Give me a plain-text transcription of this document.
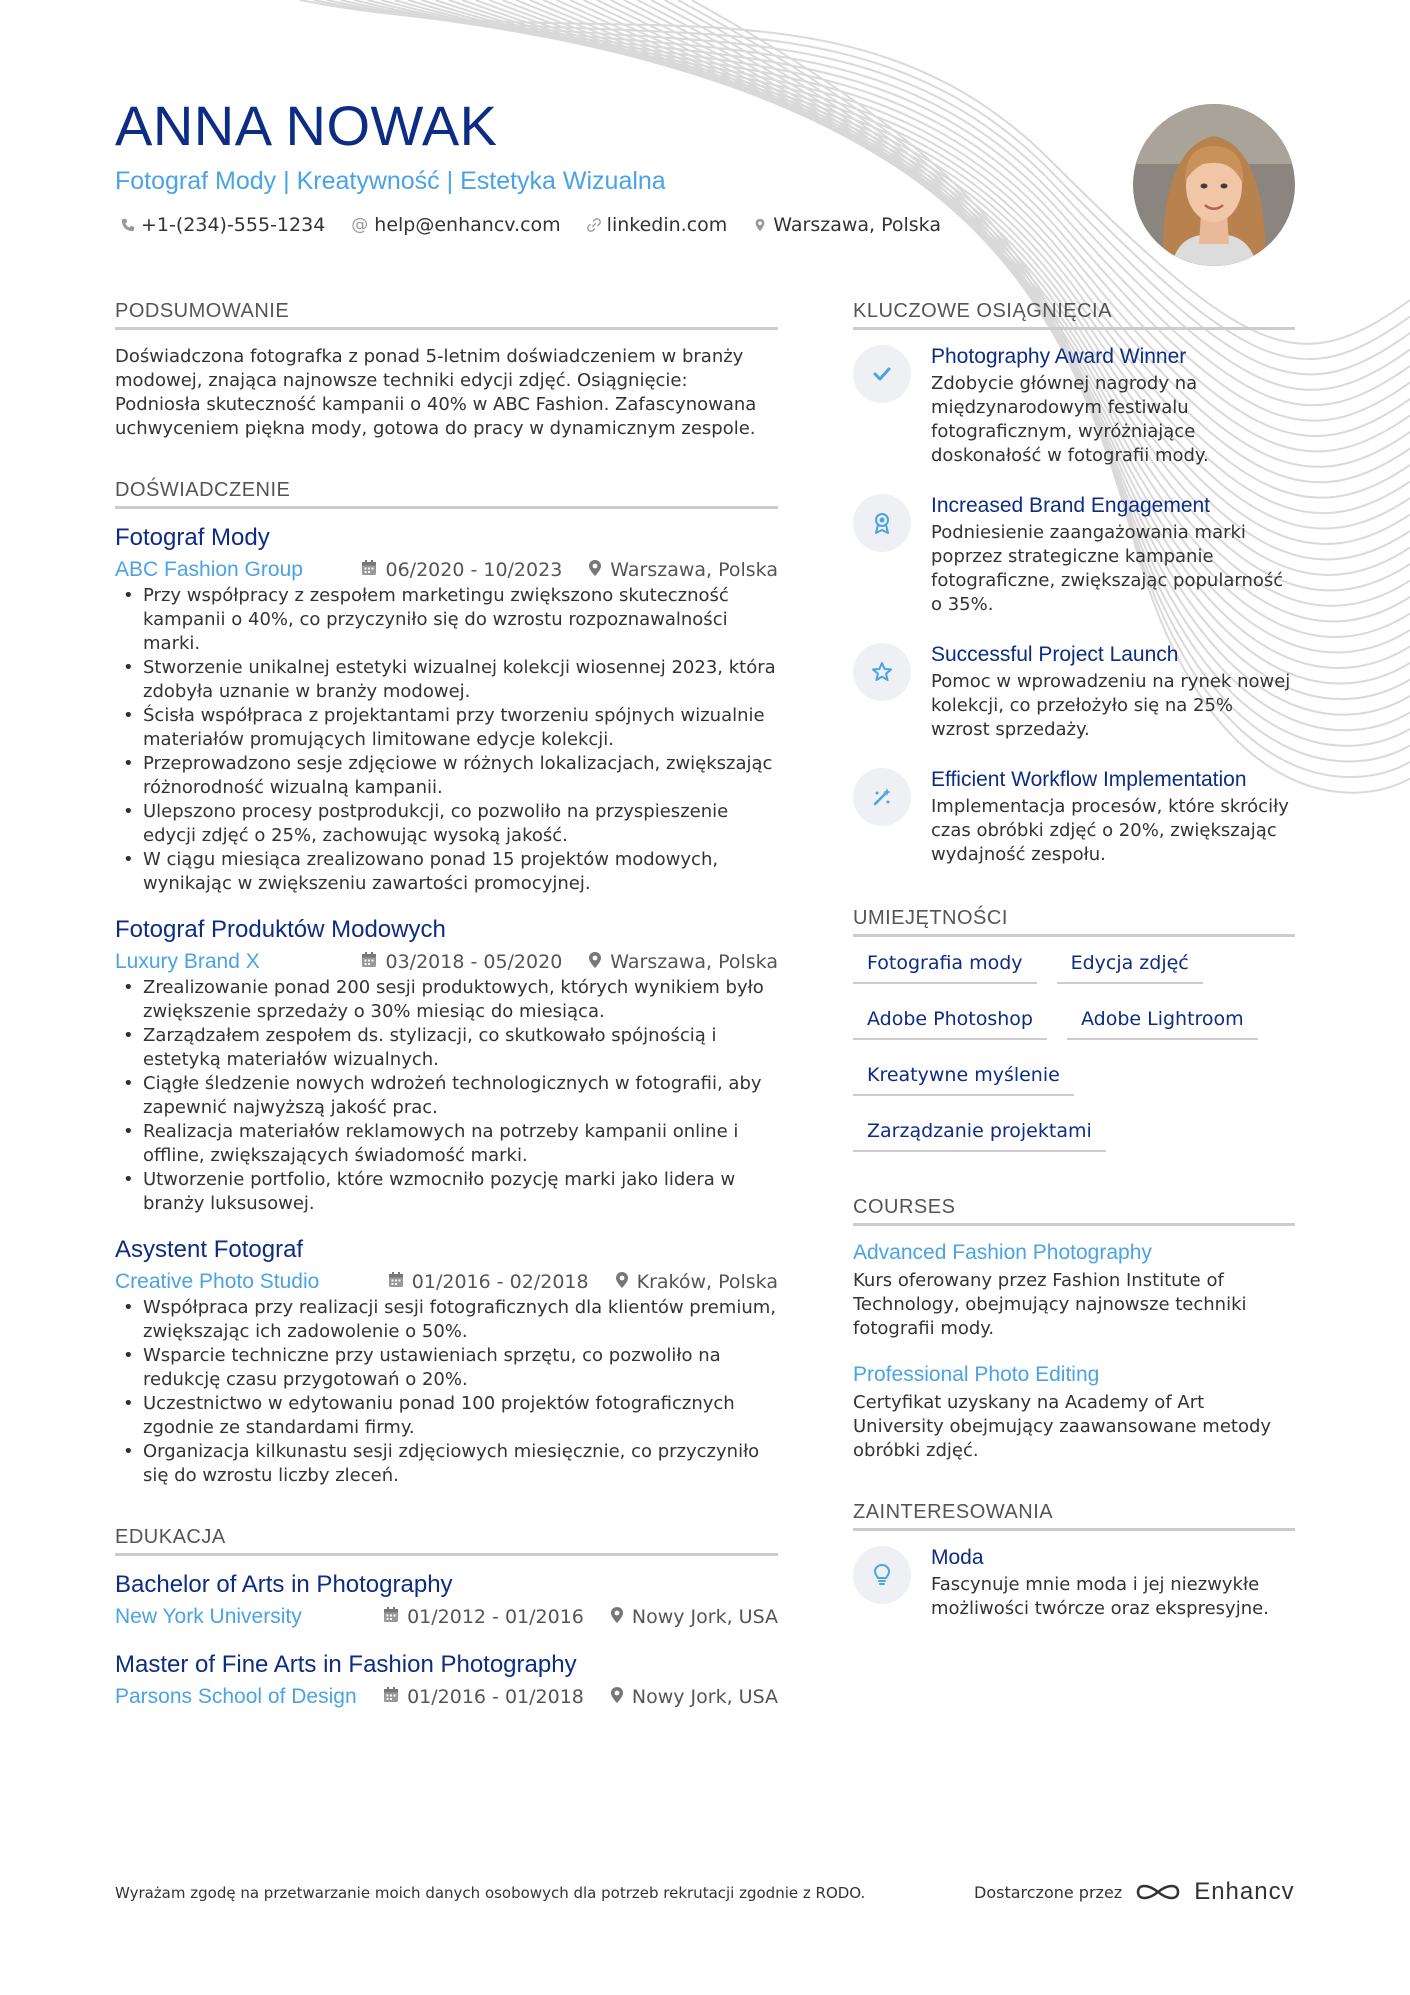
ANNA NOWAK
Fotograf Mody | Kreatywność | Estetyka Wizualna
+1-(234)-555-1234 @ help@enhancv.com linkedin.com Warszawa, Polska
PODSUMOWANIE
Doświadczona fotografka z ponad 5-letnim doświadczeniem w branży modowej, znająca najnowsze techniki edycji zdjęć. Osiągnięcie: Podniosła skuteczność kampanii o 40% w ABC Fashion. Zafascynowana uchwyceniem piękna mody, gotowa do pracy w dynamicznym zespole.
DOŚWIADCZENIE
Fotograf Mody
ABC Fashion Group	06/2020 - 10/2023	Warszawa, Polska
• Przy współpracy z zespołem marketingu zwiększono skuteczność kampanii o 40%, co przyczyniło się do wzrostu rozpoznawalności marki.
• Stworzenie unikalnej estetyki wizualnej kolekcji wiosennej 2023, która zdobyła uznanie w branży modowej.
• Ścisła współpraca z projektantami przy tworzeniu spójnych wizualnie materiałów promujących limitowane edycje kolekcji.
• Przeprowadzono sesje zdjęciowe w różnych lokalizacjach, zwiększając różnorodność wizualną kampanii.
• Ulepszono procesy postprodukcji, co pozwoliło na przyspieszenie edycji zdjęć o 25%, zachowując wysoką jakość.
• W ciągu miesiąca zrealizowano ponad 15 projektów modowych, wynikając w zwiększeniu zawartości promocyjnej.
Fotograf Produktów Modowych
Luxury Brand X	03/2018 - 05/2020	Warszawa, Polska
• Zrealizowanie ponad 200 sesji produktowych, których wynikiem było zwiększenie sprzedaży o 30% miesiąc do miesiąca.
• Zarządzałem zespołem ds. stylizacji, co skutkowało spójnością i estetyką materiałów wizualnych.
• Ciągłe śledzenie nowych wdrożeń technologicznych w fotografii, aby zapewnić najwyższą jakość prac.
• Realizacja materiałów reklamowych na potrzeby kampanii online i offline, zwiększających świadomość marki.
• Utworzenie portfolio, które wzmocniło pozycję marki jako lidera w branży luksusowej.
Asystent Fotograf
Creative Photo Studio	01/2016 - 02/2018	Kraków, Polska
• Współpraca przy realizacji sesji fotograficznych dla klientów premium, zwiększając ich zadowolenie o 50%.
• Wsparcie techniczne przy ustawieniach sprzętu, co pozwoliło na redukcję czasu przygotowań o 20%.
• Uczestnictwo w edytowaniu ponad 100 projektów fotograficznych zgodnie ze standardami firmy.
• Organizacja kilkunastu sesji zdjęciowych miesięcznie, co przyczyniło się do wzrostu liczby zleceń.
EDUKACJA
Bachelor of Arts in Photography
New York University	01/2012 - 01/2016	Nowy Jork, USA
Master of Fine Arts in Fashion Photography
Parsons School of Design	01/2016 - 01/2018	Nowy Jork, USA
KLUCZOWE OSIĄGNIĘCIA
Photography Award Winner
Zdobycie głównej nagrody na międzynarodowym festiwalu fotograficznym, wyróżniające doskonałość w fotografii mody.
Increased Brand Engagement
Podniesienie zaangażowania marki poprzez strategiczne kampanie fotograficzne, zwiększając popularność o 35%.
Successful Project Launch
Pomoc w wprowadzeniu na rynek nowej kolekcji, co przełożyło się na 25% wzrost sprzedaży.
Efficient Workflow Implementation
Implementacja procesów, które skróciły czas obróbki zdjęć o 20%, zwiększając wydajność zespołu.
UMIEJĘTNOŚCI
Fotografia mody	Edycja zdjęć
Adobe Photoshop	Adobe Lightroom
Kreatywne myślenie
Zarządzanie projektami
COURSES
Advanced Fashion Photography
Kurs oferowany przez Fashion Institute of Technology, obejmujący najnowsze techniki fotografii mody.
Professional Photo Editing
Certyfikat uzyskany na Academy of Art University obejmujący zaawansowane metody obróbki zdjęć.
ZAINTERESOWANIA
Moda
Fascynuje mnie moda i jej niezwykłe możliwości twórcze oraz ekspresyjne.
Wyrażam zgodę na przetwarzanie moich danych osobowych dla potrzeb rekrutacji zgodnie z RODO.	Dostarczone przez	Enhancv
